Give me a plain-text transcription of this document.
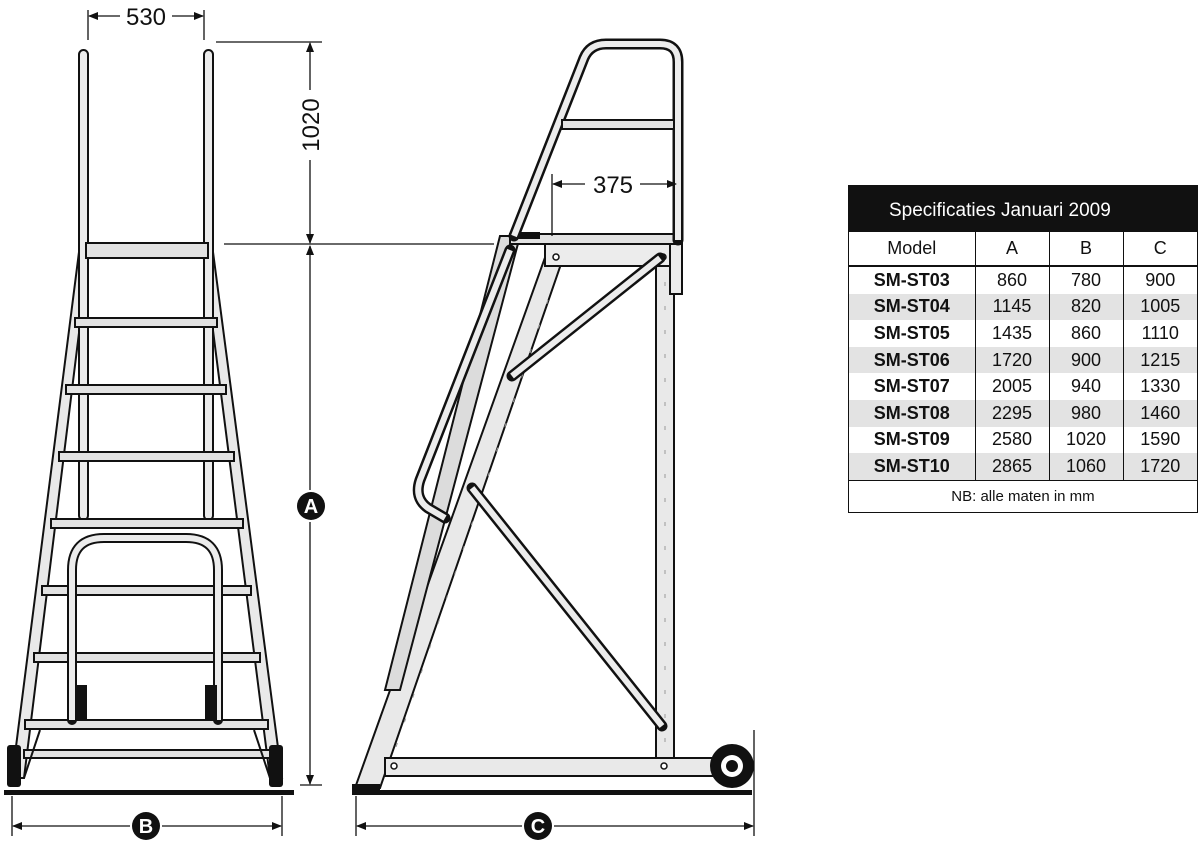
530
1020
A
B
375
C
Specificaties Januari 2009
Model	A	B	C
SM-ST03	860	780	900
SM-ST04	1145	820	1005
SM-ST05	1435	860	1110
SM-ST06	1720	900	1215
SM-ST07	2005	940	1330
SM-ST08	2295	980	1460
SM-ST09	2580	1020	1590
SM-ST10	2865	1060	1720
NB: alle maten in mm
